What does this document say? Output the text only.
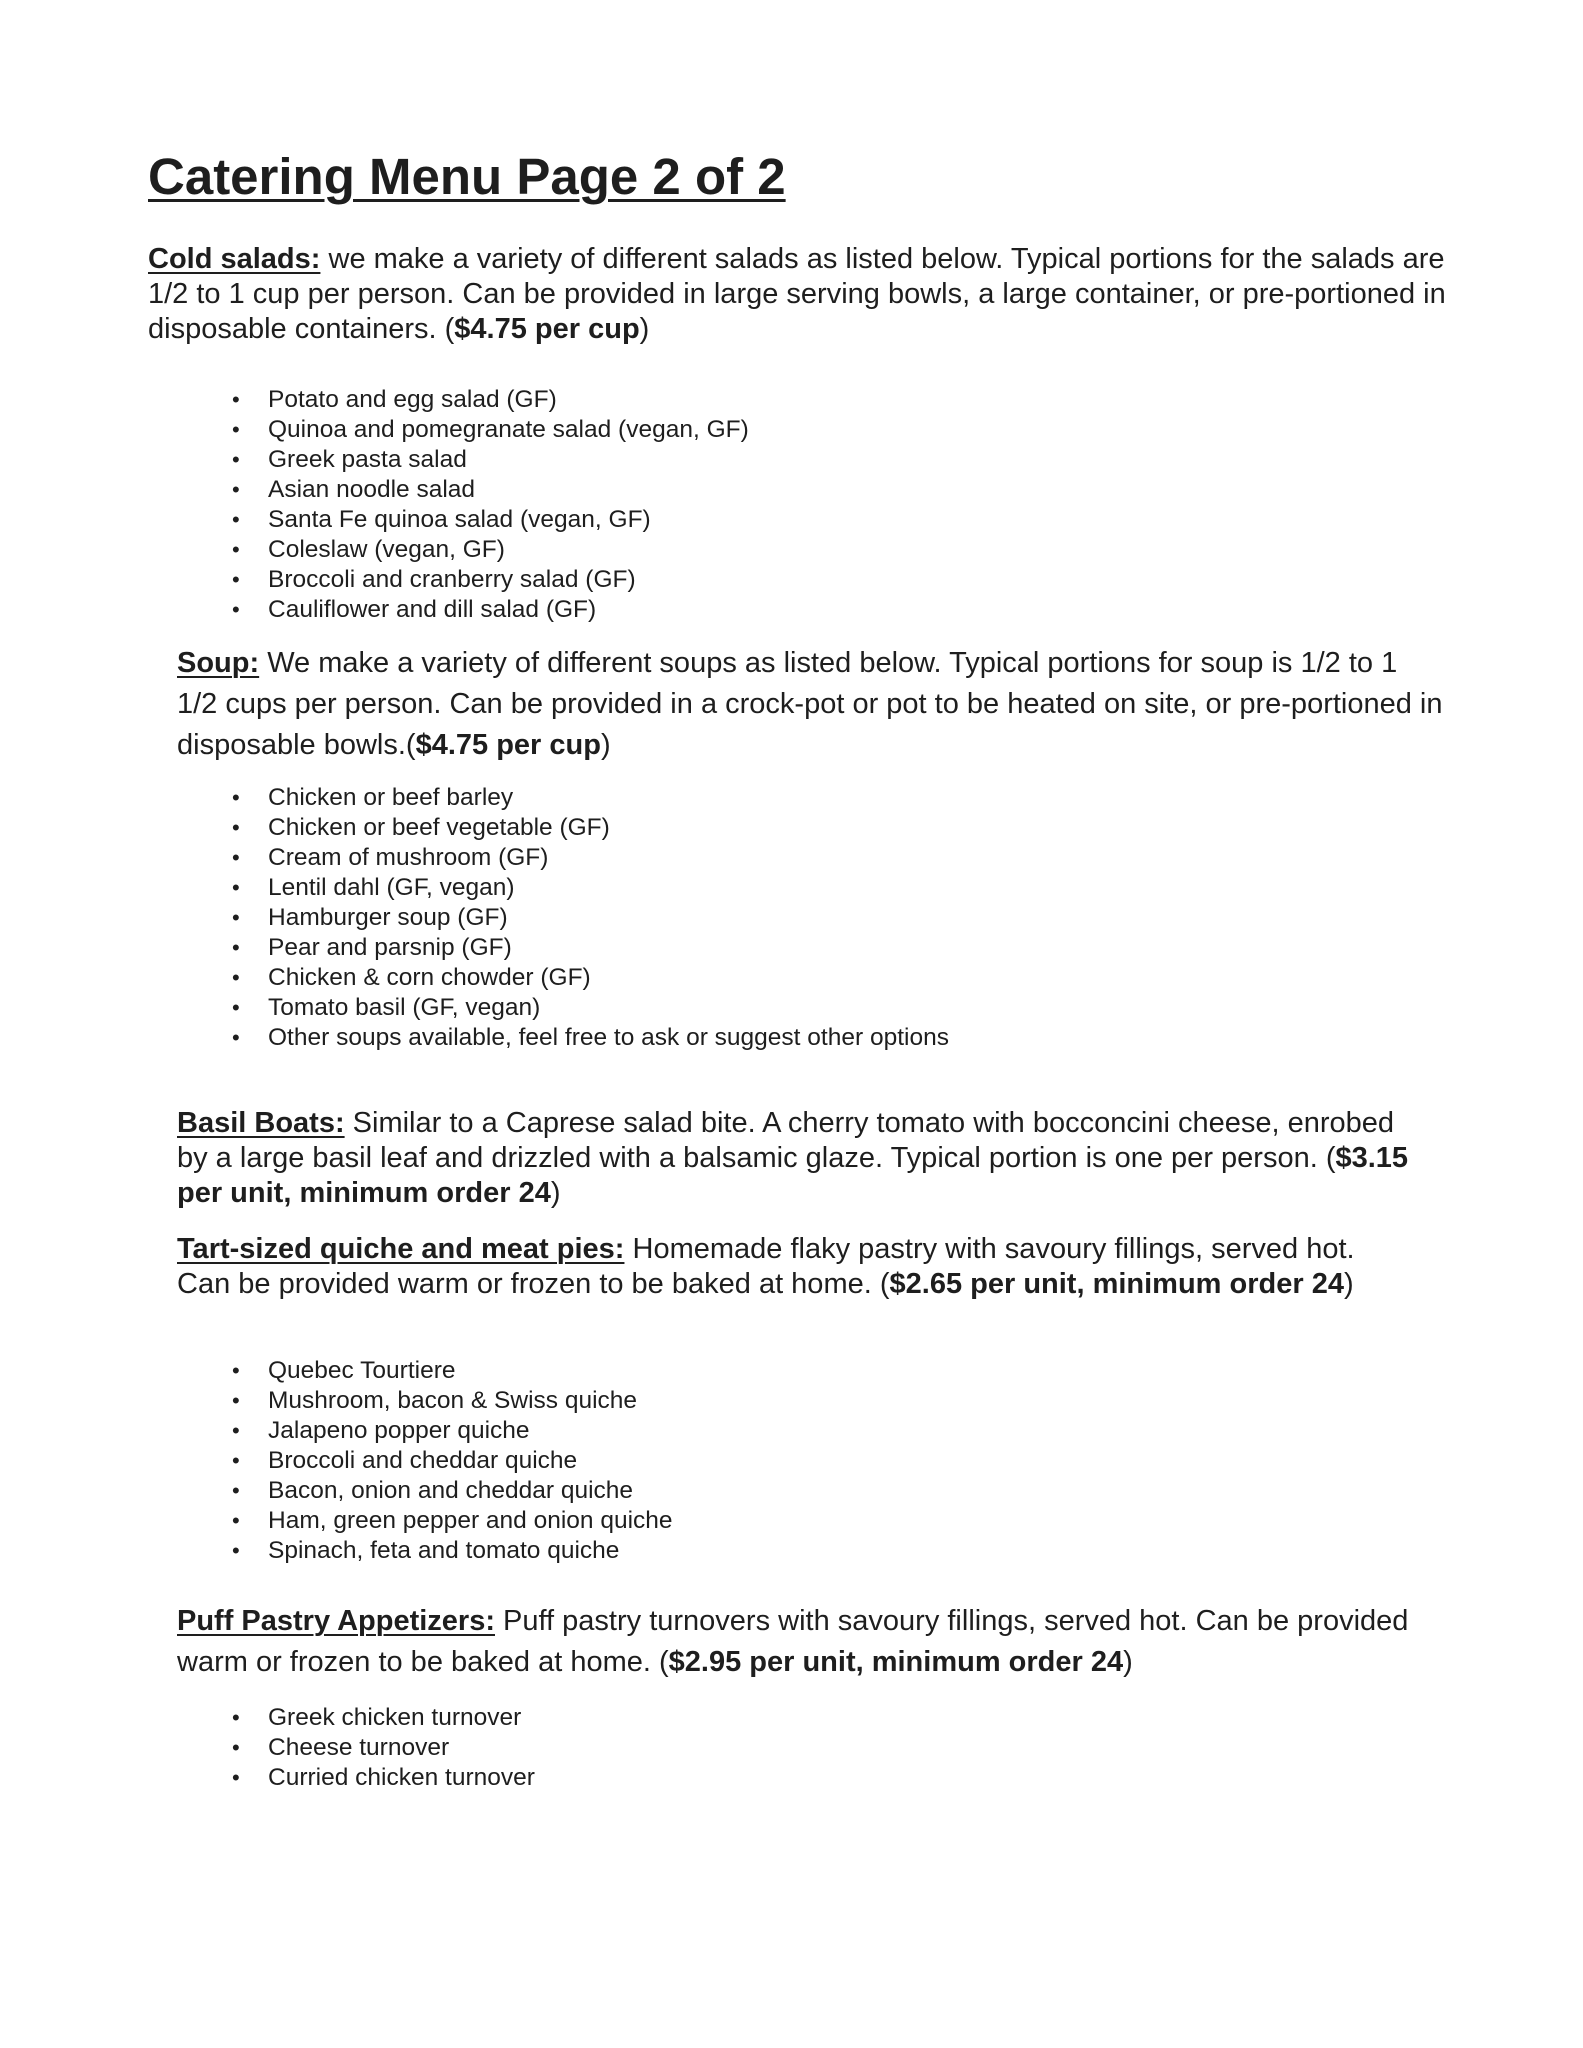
Catering Menu Page 2 of 2

Cold salads: we make a variety of different salads as listed below. Typical portions for the salads are 1/2 to 1 cup per person. Can be provided in large serving bowls, a large container, or pre-portioned in disposable containers. ($4.75 per cup)

• Potato and egg salad (GF)
• Quinoa and pomegranate salad (vegan, GF)
• Greek pasta salad
• Asian noodle salad
• Santa Fe quinoa salad (vegan, GF)
• Coleslaw (vegan, GF)
• Broccoli and cranberry salad (GF)
• Cauliflower and dill salad (GF)

Soup: We make a variety of different soups as listed below. Typical portions for soup is 1/2 to 1 1/2 cups per person. Can be provided in a crock-pot or pot to be heated on site, or pre-portioned in disposable bowls.($4.75 per cup)

• Chicken or beef barley
• Chicken or beef vegetable (GF)
• Cream of mushroom (GF)
• Lentil dahl (GF, vegan)
• Hamburger soup (GF)
• Pear and parsnip (GF)
• Chicken & corn chowder (GF)
• Tomato basil (GF, vegan)
• Other soups available, feel free to ask or suggest other options

Basil Boats: Similar to a Caprese salad bite. A cherry tomato with bocconcini cheese, enrobed by a large basil leaf and drizzled with a balsamic glaze. Typical portion is one per person. ($3.15 per unit, minimum order 24)

Tart-sized quiche and meat pies: Homemade flaky pastry with savoury fillings, served hot. Can be provided warm or frozen to be baked at home. ($2.65 per unit, minimum order 24)

• Quebec Tourtiere
• Mushroom, bacon & Swiss quiche
• Jalapeno popper quiche
• Broccoli and cheddar quiche
• Bacon, onion and cheddar quiche
• Ham, green pepper and onion quiche
• Spinach, feta and tomato quiche

Puff Pastry Appetizers: Puff pastry turnovers with savoury fillings, served hot. Can be provided warm or frozen to be baked at home. ($2.95 per unit, minimum order 24)

• Greek chicken turnover
• Cheese turnover
• Curried chicken turnover
